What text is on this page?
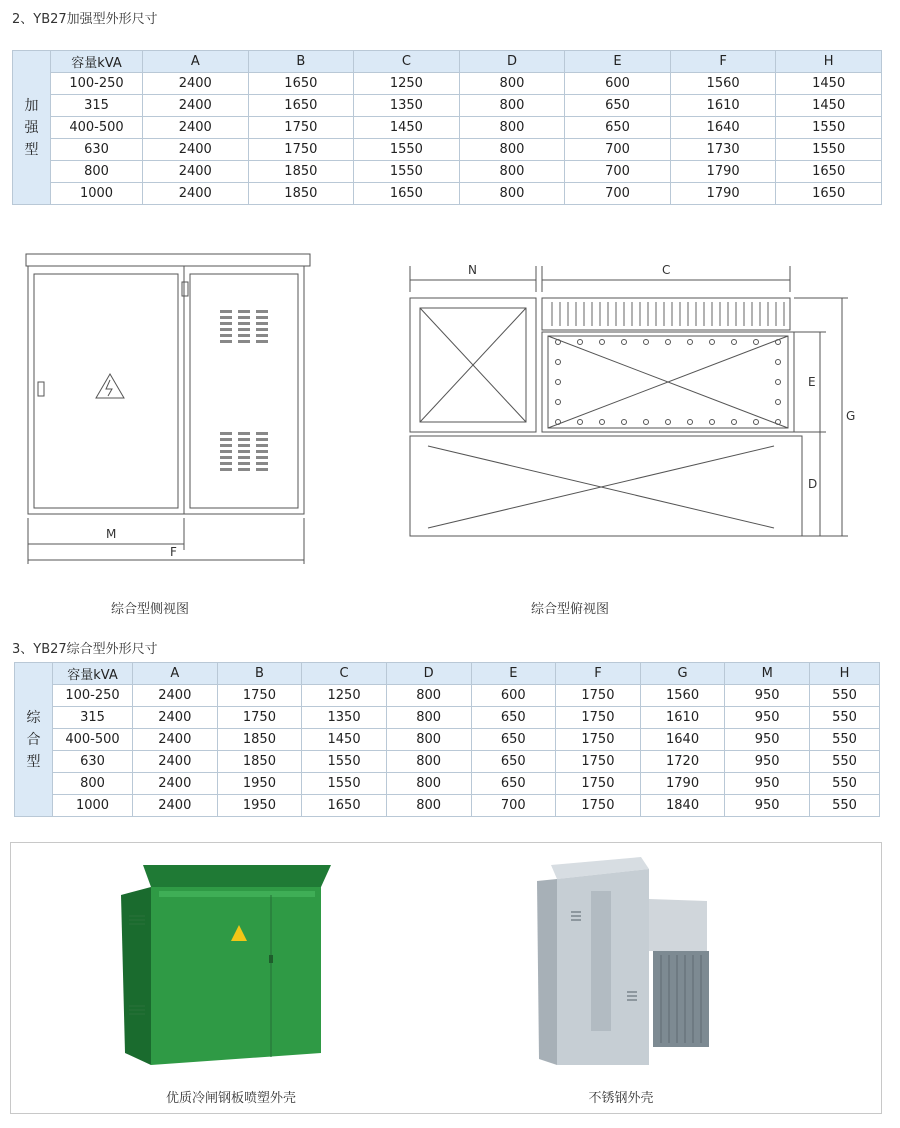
2、YB27加强型外形尺寸
加
强
型	容量kVA	A	B	C	D	E	F	H
	100-250	2400	1650	1250	800	600	1560	1450
	315	2400	1650	1350	800	650	1610	1450
	400-500	2400	1750	1450	800	650	1640	1550
	630	2400	1750	1550	800	700	1730	1550
	800	2400	1850	1550	800	700	1790	1650
	1000	2400	1850	1650	800	700	1790	1650
M
F
综合型侧视图
N	C
E
D
G
综合型俯视图
3、YB27综合型外形尺寸
综
合
型	容量kVA	A	B	C	D	E	F	G	M	H
	100-250	2400	1750	1250	800	600	1750	1560	950	550
	315	2400	1750	1350	800	650	1750	1610	950	550
	400-500	2400	1850	1450	800	650	1750	1640	950	550
	630	2400	1850	1550	800	650	1750	1720	950	550
	800	2400	1950	1550	800	650	1750	1790	950	550
	1000	2400	1950	1650	800	700	1750	1840	950	550
优质冷闸钢板喷塑外壳	不锈钢外壳
